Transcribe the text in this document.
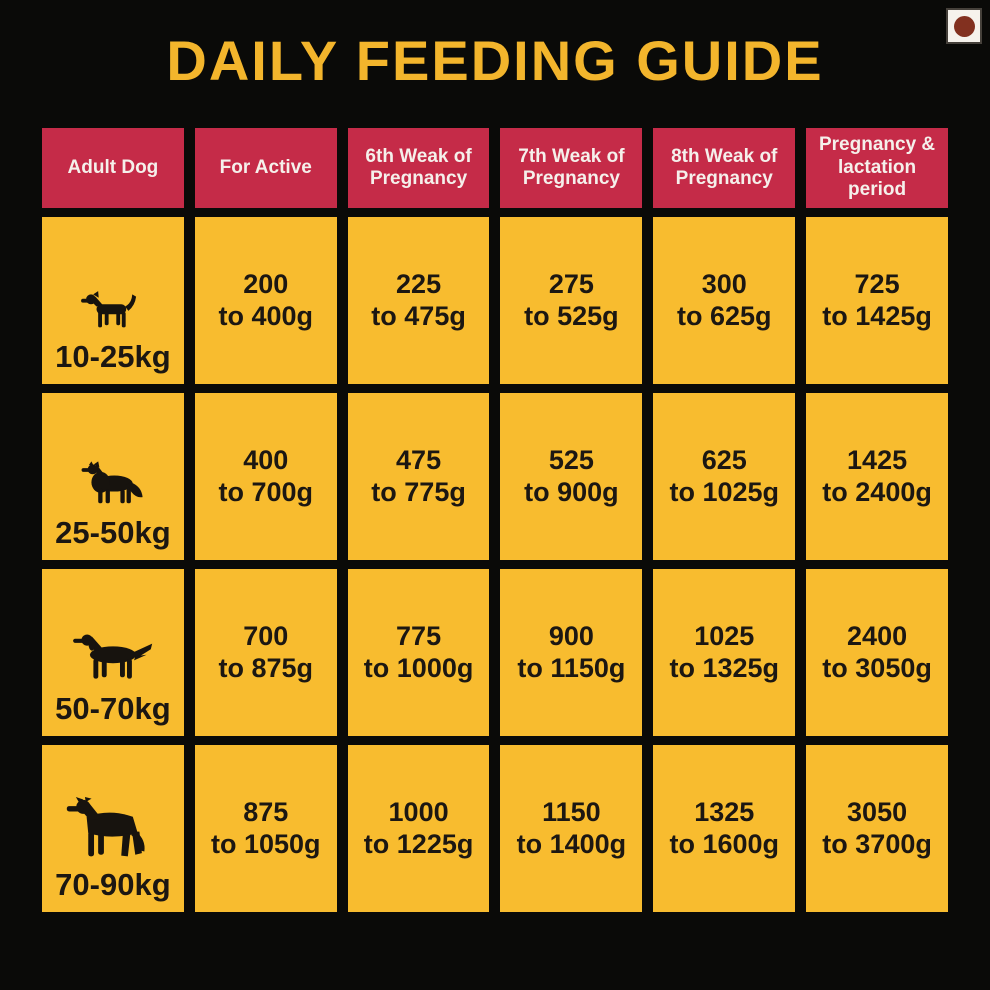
DAILY FEEDING GUIDE
Adult Dog	For Active
6th Weak of Pregnancy
7th Weak of Pregnancy
8th Weak of Pregnancy
Pregnancy & lactation period
10-25kg
200
to 400g
225
to 475g
275
to 525g
300
to 625g
725
to 1425g
25-50kg
400
to 700g
475
to 775g
525
to 900g
625
to 1025g
1425
to 2400g
50-70kg
700
to 875g
775
to 1000g
900
to 1150g
1025
to 1325g
2400
to 3050g
70-90kg
875
to 1050g
1000
to 1225g
1150
to 1400g
1325
to 1600g
3050
to 3700g
